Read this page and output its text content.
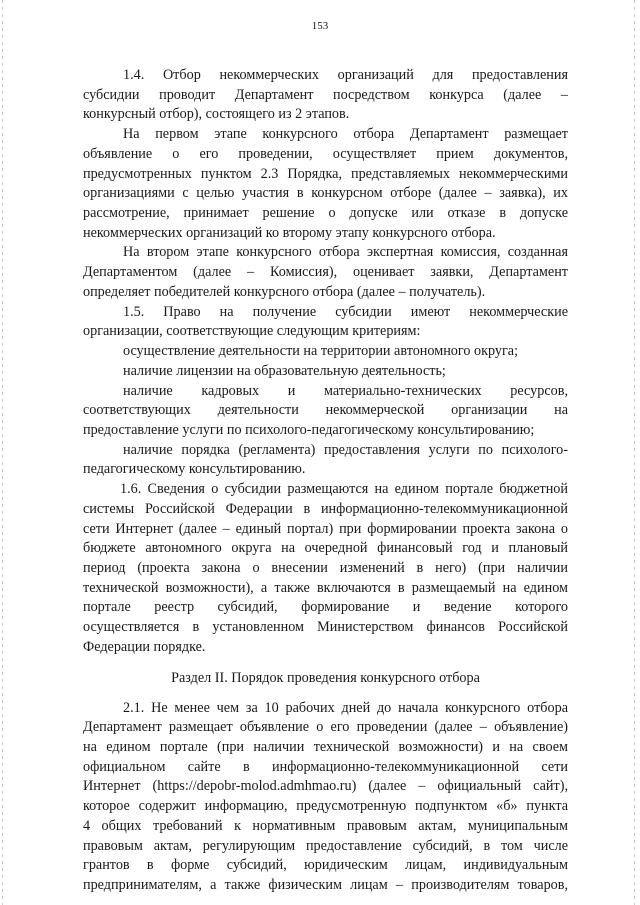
153
1.4. Отбор некоммерческих организаций для предоставления
субсидии проводит Департамент посредством конкурса (далее –
конкурсный отбор), состоящего из 2 этапов.
На первом этапе конкурсного отбора Департамент размещает
объявление о его проведении, осуществляет прием документов,
предусмотренных пунктом 2.3 Порядка, представляемых некоммерческими
организациями с целью участия в конкурсном отборе (далее – заявка), их
рассмотрение, принимает решение о допуске или отказе в допуске
некоммерческих организаций ко второму этапу конкурсного отбора.
На втором этапе конкурсного отбора экспертная комиссия, созданная
Департаментом (далее – Комиссия), оценивает заявки, Департамент
определяет победителей конкурсного отбора (далее – получатель).
1.5. Право на получение субсидии имеют некоммерческие
организации, соответствующие следующим критериям:
осуществление деятельности на территории автономного округа;
наличие лицензии на образовательную деятельность;
наличие кадровых и материально-технических ресурсов,
соответствующих деятельности некоммерческой организации на
предоставление услуги по психолого-педагогическому консультированию;
наличие порядка (регламента) предоставления услуги по психолого-
педагогическому консультированию.
1.6. Сведения о субсидии размещаются на едином портале бюджетной
системы Российской Федерации в информационно-телекоммуникационной
сети Интернет (далее – единый портал) при формировании проекта закона о
бюджете автономного округа на очередной финансовый год и плановый
период (проекта закона о внесении изменений в него) (при наличии
технической возможности), а также включаются в размещаемый на едином
портале реестр субсидий, формирование и ведение которого
осуществляется в установленном Министерством финансов Российской
Федерации порядке.
Раздел II. Порядок проведения конкурсного отбора
2.1. Не менее чем за 10 рабочих дней до начала конкурсного отбора
Департамент размещает объявление о его проведении (далее – объявление)
на едином портале (при наличии технической возможности) и на своем
официальном сайте в информационно-телекоммуникационной сети
Интернет (https://depobr-molod.admhmao.ru) (далее – официальный сайт),
которое содержит информацию, предусмотренную подпунктом «б» пункта
4 общих требований к нормативным правовым актам, муниципальным
правовым актам, регулирующим предоставление субсидий, в том числе
грантов в форме субсидий, юридическим лицам, индивидуальным
предпринимателям, а также физическим лицам – производителям товаров,
